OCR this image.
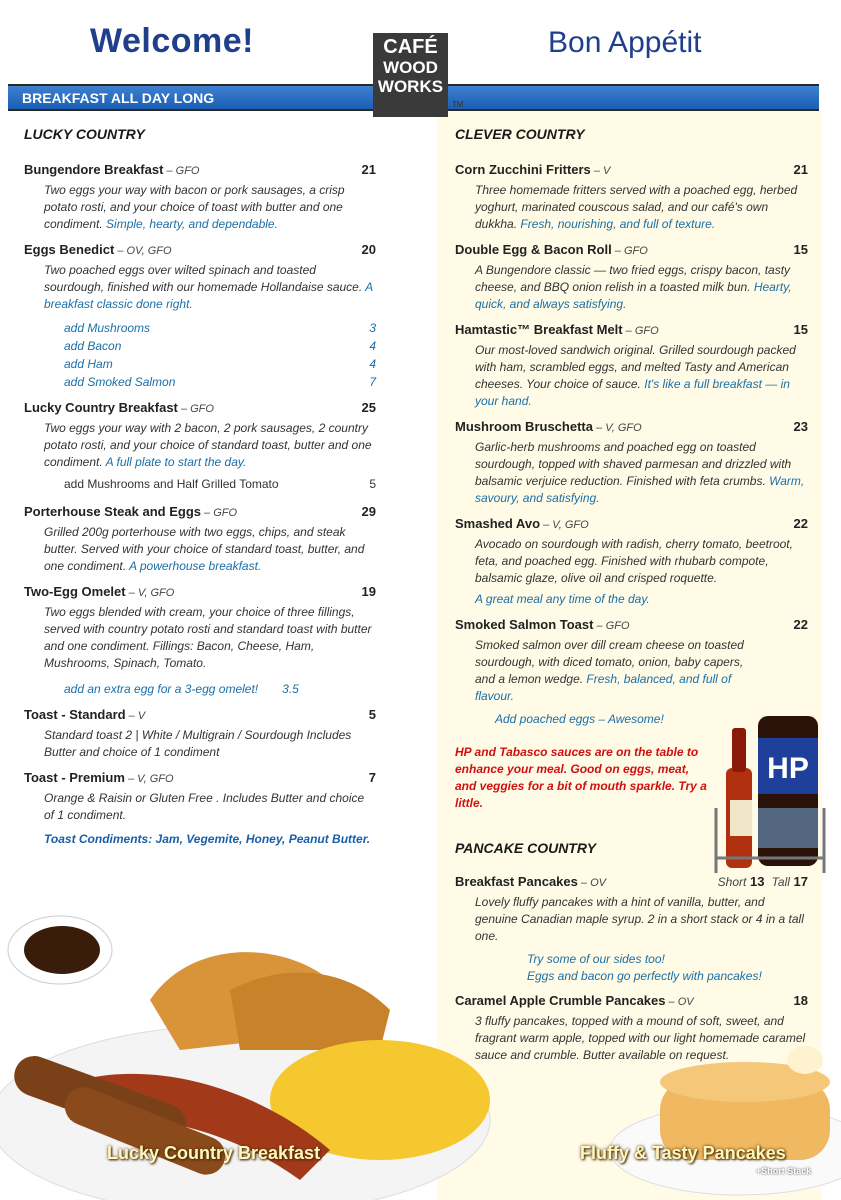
Welcome!	Bon Appétit
BREAKFAST ALL DAY LONG
CAFÉ
WOOD
WORKS
TM
LUCKY COUNTRY
Bungendore Breakfast – GFO	21
Two eggs your way with bacon or pork sausages, a crisp potato rosti, and your choice of toast with butter and one condiment. Simple, hearty, and dependable.
Eggs Benedict – OV, GFO	20
Two poached eggs over wilted spinach and toasted sourdough, finished with our homemade Hollandaise sauce. A breakfast classic done right.
add Mushrooms	3
add Bacon	4
add Ham	4
add Smoked Salmon	7
Lucky Country Breakfast – GFO	25
Two eggs your way with 2 bacon, 2 pork sausages, 2 country potato rosti, and your choice of standard toast, butter and one condiment. A full plate to start the day.
add Mushrooms and Half Grilled Tomato	5
Porterhouse Steak and Eggs – GFO	29
Grilled 200g porterhouse with two eggs, chips, and steak butter. Served with your choice of standard toast, butter, and one condiment. A powerhouse breakfast.
Two-Egg Omelet – V, GFO	19
Two eggs blended with cream, your choice of three fillings, served with country potato rosti and standard toast with butter and one condiment. Fillings: Bacon, Cheese, Ham, Mushrooms, Spinach, Tomato.
add an extra egg for a 3-egg omelet! 3.5
Toast - Standard – V	5
Standard toast 2 | White / Multigrain / Sourdough Includes Butter and choice of 1 condiment
Toast - Premium – V, GFO	7
Orange & Raisin or Gluten Free . Includes Butter and choice of 1 condiment.
Toast Condiments: Jam, Vegemite, Honey, Peanut Butter.
CLEVER COUNTRY
Corn Zucchini Fritters – V	21
Three homemade fritters served with a poached egg, herbed yoghurt, marinated couscous salad, and our café's own dukkha. Fresh, nourishing, and full of texture.
Double Egg & Bacon Roll – GFO	15
A Bungendore classic — two fried eggs, crispy bacon, tasty cheese, and BBQ onion relish in a toasted milk bun. Hearty, quick, and always satisfying.
Hamtastic™ Breakfast Melt – GFO	15
Our most-loved sandwich original. Grilled sourdough packed with ham, scrambled eggs, and melted Tasty and American cheeses. Your choice of sauce. It's like a full breakfast — in your hand.
Mushroom Bruschetta – V, GFO	23
Garlic-herb mushrooms and poached egg on toasted sourdough, topped with shaved parmesan and drizzled with balsamic verjuice reduction. Finished with feta crumbs. Warm, savoury, and satisfying.
Smashed Avo – V, GFO	22
Avocado on sourdough with radish, cherry tomato, beetroot, feta, and poached egg. Finished with rhubarb compote, balsamic glaze, olive oil and crisped roquette.
A great meal any time of the day.
Smoked Salmon Toast – GFO	22
Smoked salmon over dill cream cheese on toasted sourdough, with diced tomato, onion, baby capers, and a lemon wedge. Fresh, balanced, and full of flavour.
Add poached eggs – Awesome!
HP and Tabasco sauces are on the table to enhance your meal. Good on eggs, meat, and veggies for a bit of mouth sparkle. Try a little.
PANCAKE COUNTRY
Breakfast Pancakes – OV	Short 13 Tall 17
Lovely fluffy pancakes with a hint of vanilla, butter, and genuine Canadian maple syrup. 2 in a short stack or 4 in a tall one.
Try some of our sides too!
Eggs and bacon go perfectly with pancakes!
Caramel Apple Crumble Pancakes – OV	18
3 fluffy pancakes, topped with a mound of soft, sweet, and fragrant warm apple, topped with our light homemade caramel sauce and crumble. Butter available on request.
HP
Lucky Country Breakfast	Fluffy & Tasty Pancakes
+Short Stack
